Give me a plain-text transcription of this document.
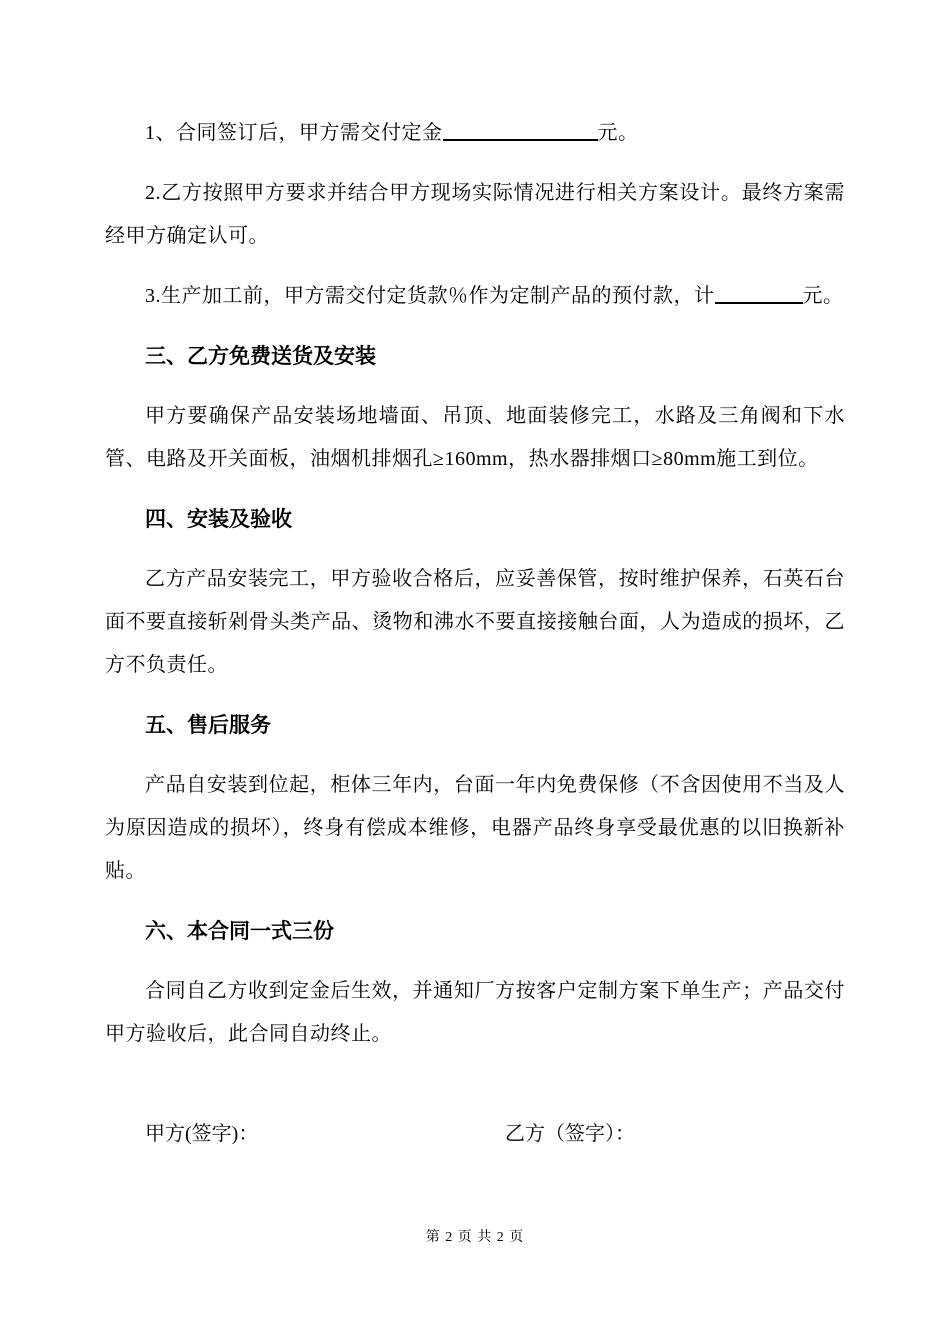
1、合同签订后，甲方需交付定金	元。

2.乙方按照甲方要求并结合甲方现场实际情况进行相关方案设计。最终方案需经甲方确定认可。

3.生产加工前，甲方需交付定货款％作为定制产品的预付款，计	元。

三、乙方免费送货及安装

甲方要确保产品安装场地墙面、吊顶、地面装修完工，水路及三角阀和下水管、电路及开关面板，油烟机排烟孔≥160mm，热水器排烟口≥80mm施工到位。

四、安装及验收

乙方产品安装完工，甲方验收合格后，应妥善保管，按时维护保养，石英石台面不要直接斩剁骨头类产品、烫物和沸水不要直接接触台面，人为造成的损坏，乙方不负责任。

五、售后服务

产品自安装到位起，柜体三年内，台面一年内免费保修（不含因使用不当及人为原因造成的损坏），终身有偿成本维修，电器产品终身享受最优惠的以旧换新补贴。

六、本合同一式三份

合同自乙方收到定金后生效，并通知厂方按客户定制方案下单生产；产品交付甲方验收后，此合同自动终止。

甲方(签字)：	乙方（签字）：
第 2 页 共 2 页
